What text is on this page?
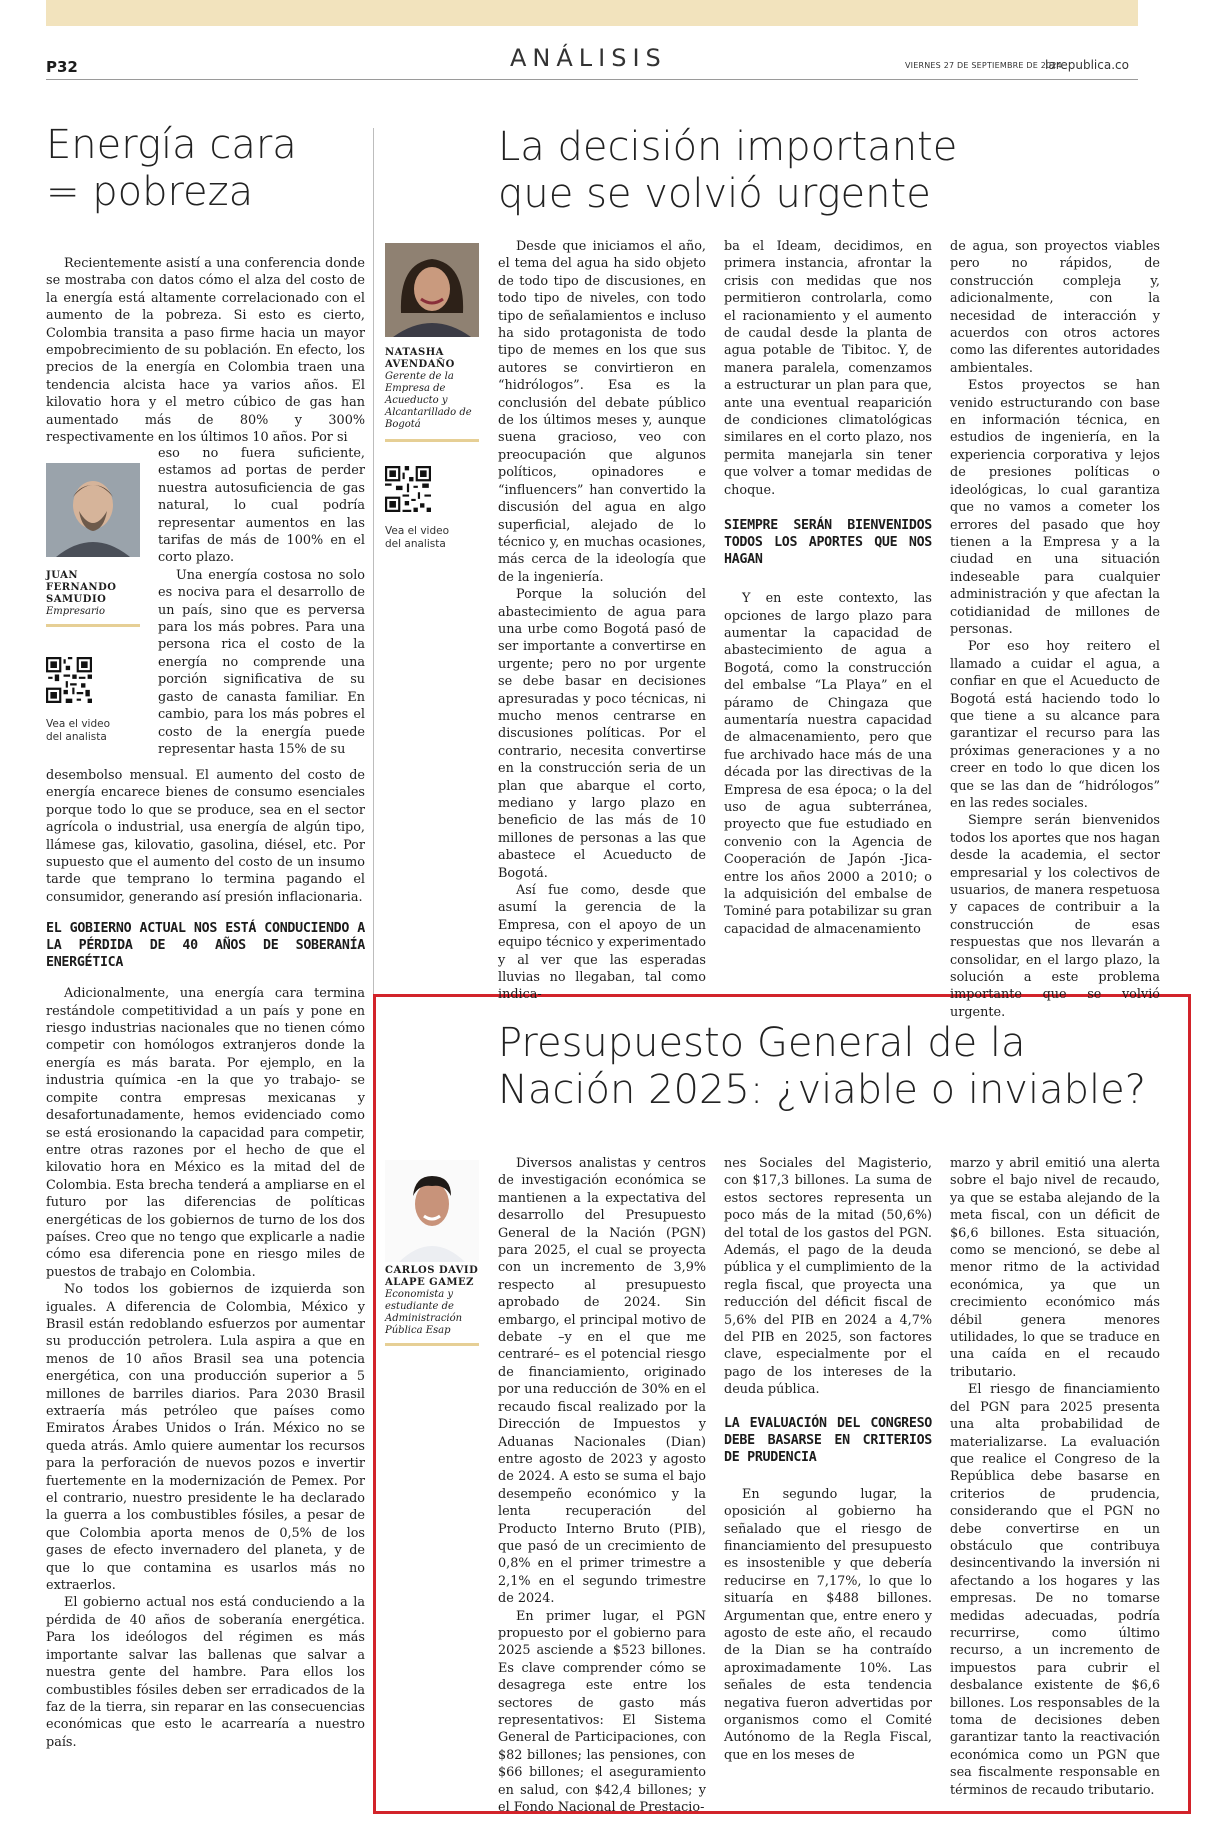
P32	ANÁLISIS	VIERNES 27 DE SEPTIEMBRE DE 2024
larepublica.co
Energía cara
= pobreza

Recientemente asistí a una conferencia donde se mostraba con datos cómo el alza del costo de la energía está altamente correlacionado con el aumento de la pobreza. Si esto es cierto, Colombia transita a paso firme hacia un mayor empobrecimiento de su población. En efecto, los precios de la energía en Colombia traen una tendencia alcista hace ya varios años. El kilovatio hora y el metro cúbico de gas han aumentado más de 80% y 300% respectivamente en los últimos 10 años. Por si

JUAN
FERNANDO
SAMUDIO
Empresario
Vea el video
del analista

eso no fuera suficiente, estamos ad portas de perder nuestra autosuficiencia de gas natural, lo cual podría representar aumentos en las tarifas de más de 100% en el corto plazo.

Una energía costosa no solo es nociva para el desarrollo de un país, sino que es perversa para los más pobres. Para una persona rica el costo de la energía no comprende una porción significativa de su gasto de canasta familiar. En cambio, para los más pobres el costo de la energía puede representar hasta 15% de su

desembolso mensual. El aumento del costo de energía encarece bienes de consumo esenciales porque todo lo que se produce, sea en el sector agrícola o industrial, usa energía de algún tipo, llámese gas, kilovatio, gasolina, diésel, etc. Por supuesto que el aumento del costo de un insumo tarde que temprano lo termina pagando el consumidor, generando así presión inflacionaria.

EL GOBIERNO ACTUAL NOS ESTÁ CONDUCIENDO A LA PÉRDIDA DE 40 AÑOS DE SOBERANÍA ENERGÉTICA

Adicionalmente, una energía cara termina restándole competitividad a un país y pone en riesgo industrias nacionales que no tienen cómo competir con homólogos extranjeros donde la energía es más barata. Por ejemplo, en la industria química -en la que yo trabajo- se compite contra empresas mexicanas y desafortunadamente, hemos evidenciado como se está erosionando la capacidad para competir, entre otras razones por el hecho de que el kilovatio hora en México es la mitad del de Colombia. Esta brecha tenderá a ampliarse en el futuro por las diferencias de políticas energéticas de los gobiernos de turno de los dos países. Creo que no tengo que explicarle a nadie cómo esa diferencia pone en riesgo miles de puestos de trabajo en Colombia.

No todos los gobiernos de izquierda son iguales. A diferencia de Colombia, México y Brasil están redoblando esfuerzos por aumentar su producción petrolera. Lula aspira a que en menos de 10 años Brasil sea una potencia energética, con una producción superior a 5 millones de barriles diarios. Para 2030 Brasil extraería más petróleo que países como Emiratos Árabes Unidos o Irán. México no se queda atrás. Amlo quiere aumentar los recursos para la perforación de nuevos pozos e invertir fuertemente en la modernización de Pemex. Por el contrario, nuestro presidente le ha declarado la guerra a los combustibles fósiles, a pesar de que Colombia aporta menos de 0,5% de los gases de efecto invernadero del planeta, y de que lo que contamina es usarlos más no extraerlos.

El gobierno actual nos está conduciendo a la pérdida de 40 años de soberanía energética. Para los ideólogos del régimen es más importante salvar las ballenas que salvar a nuestra gente del hambre. Para ellos los combustibles fósiles deben ser erradicados de la faz de la tierra, sin reparar en las consecuencias económicas que esto le acarrearía a nuestro país.

La decisión importante
que se volvió urgente
NATASHA
AVENDAÑO
Gerente de la Empresa de Acueducto y Alcantarillado de Bogotá
Vea el video
del analista

Desde que iniciamos el año, el tema del agua ha sido objeto de todo tipo de discusiones, en todo tipo de niveles, con todo tipo de señalamientos e incluso ha sido protagonista de todo tipo de memes en los que sus autores se convirtieron en “hidrólogos”. Esa es la conclusión del debate público de los últimos meses y, aunque suena gracioso, veo con preocupación que algunos políticos, opinadores e “influencers” han convertido la discusión del agua en algo superficial, alejado de lo técnico y, en muchas ocasiones, más cerca de la ideología que de la ingeniería.

Porque la solución del abastecimiento de agua para una urbe como Bogotá pasó de ser importante a convertirse en urgente; pero no por urgente se debe basar en decisiones apresuradas y poco técnicas, ni mucho menos centrarse en discusiones políticas. Por el contrario, necesita convertirse en la construcción seria de un plan que abarque el corto, mediano y largo plazo en beneficio de las más de 10 millones de personas a las que abastece el Acueducto de Bogotá.

Así fue como, desde que asumí la gerencia de la Empresa, con el apoyo de un equipo técnico y experimentado y al ver que las esperadas lluvias no llegaban, tal como indica-

ba el Ideam, decidimos, en primera instancia, afrontar la crisis con medidas que nos permitieron controlarla, como el racionamiento y el aumento de caudal desde la planta de agua potable de Tibitoc. Y, de manera paralela, comenzamos a estructurar un plan para que, ante una eventual reaparición de condiciones climatológicas similares en el corto plazo, nos permita manejarla sin tener que volver a tomar medidas de choque.

SIEMPRE SERÁN BIENVENIDOS TODOS LOS APORTES QUE NOS HAGAN

Y en este contexto, las opciones de largo plazo para aumentar la capacidad de abastecimiento de agua a Bogotá, como la construcción del embalse “La Playa” en el páramo de Chingaza que aumentaría nuestra capacidad de almacenamiento, pero que fue archivado hace más de una década por las directivas de la Empresa de esa época; o la del uso de agua subterránea, proyecto que fue estudiado en convenio con la Agencia de Cooperación de Japón -Jica- entre los años 2000 a 2010; o la adquisición del embalse de Tominé para potabilizar su gran capacidad de almacenamiento

de agua, son proyectos viables pero no rápidos, de construcción compleja y, adicionalmente, con la necesidad de interacción y acuerdos con otros actores como las diferentes autoridades ambientales.

Estos proyectos se han venido estructurando con base en información técnica, en estudios de ingeniería, en la experiencia corporativa y lejos de presiones políticas o ideológicas, lo cual garantiza que no vamos a cometer los errores del pasado que hoy tienen a la Empresa y a la ciudad en una situación indeseable para cualquier administración y que afectan la cotidianidad de millones de personas.

Por eso hoy reitero el llamado a cuidar el agua, a confiar en que el Acueducto de Bogotá está haciendo todo lo que tiene a su alcance para garantizar el recurso para las próximas generaciones y a no creer en todo lo que dicen los que se las dan de “hidrólogos” en las redes sociales.

Siempre serán bienvenidos todos los aportes que nos hagan desde la academia, el sector empresarial y los colectivos de usuarios, de manera respetuosa y capaces de contribuir a la construcción de esas respuestas que nos llevarán a consolidar, en el largo plazo, la solución a este problema importante que se volvió urgente.

Presupuesto General de la
Nación 2025: ¿viable o inviable?
CARLOS DAVID
ALAPE GAMEZ
Economista y estudiante de Administración Pública Esap

Diversos analistas y centros de investigación económica se mantienen a la expectativa del desarrollo del Presupuesto General de la Nación (PGN) para 2025, el cual se proyecta con un incremento de 3,9% respecto al presupuesto aprobado de 2024. Sin embargo, el principal motivo de debate –y en el que me centraré– es el potencial riesgo de financiamiento, originado por una reducción de 30% en el recaudo fiscal realizado por la Dirección de Impuestos y Aduanas Nacionales (Dian) entre agosto de 2023 y agosto de 2024. A esto se suma el bajo desempeño económico y la lenta recuperación del Producto Interno Bruto (PIB), que pasó de un crecimiento de 0,8% en el primer trimestre a 2,1% en el segundo trimestre de 2024.

En primer lugar, el PGN propuesto por el gobierno para 2025 asciende a $523 billones. Es clave comprender cómo se desagrega este entre los sectores de gasto más representativos: El Sistema General de Participaciones, con $82 billones; las pensiones, con $66 billones; el aseguramiento en salud, con $42,4 billones; y el Fondo Nacional de Prestacio-

nes Sociales del Magisterio, con $17,3 billones. La suma de estos sectores representa un poco más de la mitad (50,6%) del total de los gastos del PGN. Además, el pago de la deuda pública y el cumplimiento de la regla fiscal, que proyecta una reducción del déficit fiscal de 5,6% del PIB en 2024 a 4,7% del PIB en 2025, son factores clave, especialmente por el pago de los intereses de la deuda pública.

LA EVALUACIÓN DEL CONGRESO DEBE BASARSE EN CRITERIOS DE PRUDENCIA

En segundo lugar, la oposición al gobierno ha señalado que el riesgo de financiamiento del presupuesto es insostenible y que debería reducirse en 7,17%, lo que lo situaría en $488 billones. Argumentan que, entre enero y agosto de este año, el recaudo de la Dian se ha contraído aproximadamente 10%. Las señales de esta tendencia negativa fueron advertidas por organismos como el Comité Autónomo de la Regla Fiscal, que en los meses de

marzo y abril emitió una alerta sobre el bajo nivel de recaudo, ya que se estaba alejando de la meta fiscal, con un déficit de $6,6 billones. Esta situación, como se mencionó, se debe al menor ritmo de la actividad económica, ya que un crecimiento económico más débil genera menores utilidades, lo que se traduce en una caída en el recaudo tributario.

El riesgo de financiamiento del PGN para 2025 presenta una alta probabilidad de materializarse. La evaluación que realice el Congreso de la República debe basarse en criterios de prudencia, considerando que el PGN no debe convertirse en un obstáculo que contribuya desincentivando la inversión ni afectando a los hogares y las empresas. De no tomarse medidas adecuadas, podría recurrirse, como último recurso, a un incremento de impuestos para cubrir el desbalance existente de $6,6 billones. Los responsables de la toma de decisiones deben garantizar tanto la reactivación económica como un PGN que sea fiscalmente responsable en términos de recaudo tributario.
